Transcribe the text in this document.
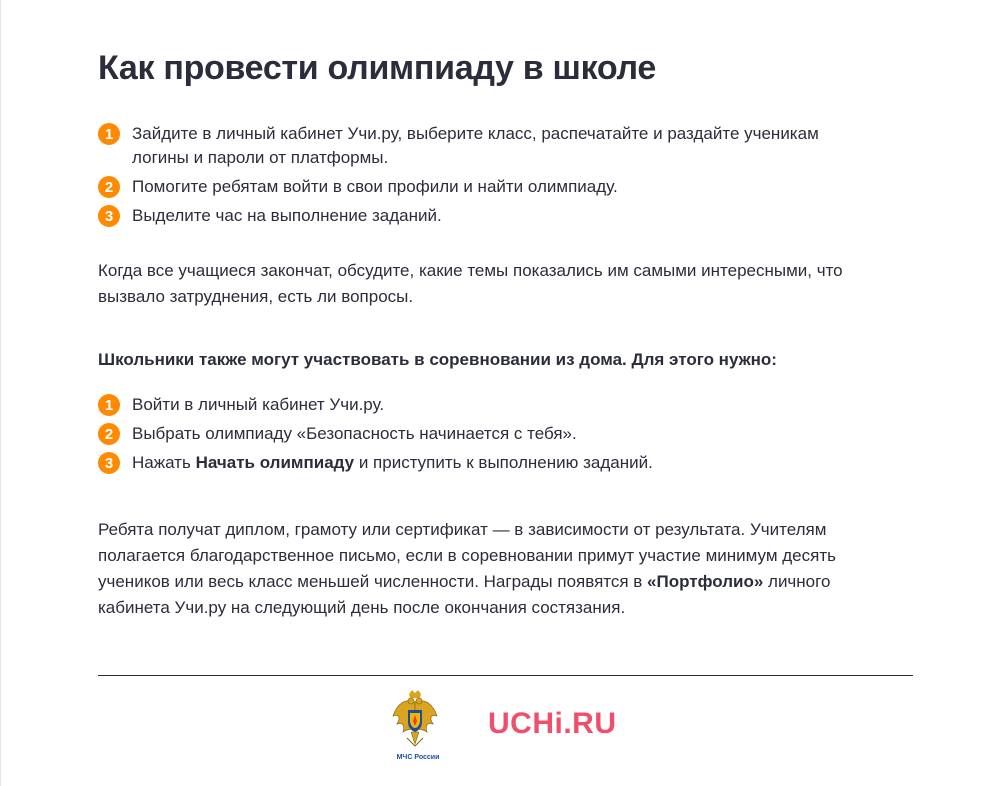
Как провести олимпиаду в школе
1	Зайдите в личный кабинет Учи.ру, выберите класс, распечатайте и раздайте ученикам логины и пароли от платформы.
2	Помогите ребятам войти в свои профили и найти олимпиаду.
3	Выделите час на выполнение заданий.

Когда все учащиеся закончат, обсудите, какие темы показались им самыми интересными, что вызвало затруднения, есть ли вопросы.

Школьники также могут участвовать в соревновании из дома. Для этого нужно:

1	Войти в личный кабинет Учи.ру.
2	Выбрать олимпиаду «Безопасность начинается с тебя».
3	Нажать Начать олимпиаду и приступить к выполнению заданий.

Ребята получат диплом, грамоту или сертификат — в зависимости от результата. Учителям полагается благодарственное письмо, если в соревновании примут участие минимум десять учеников или весь класс меньшей численности. Награды появятся в «Портфолио» личного кабинета Учи.ру на следующий день после окончания состязания.

МЧС России
UCHi.RU
